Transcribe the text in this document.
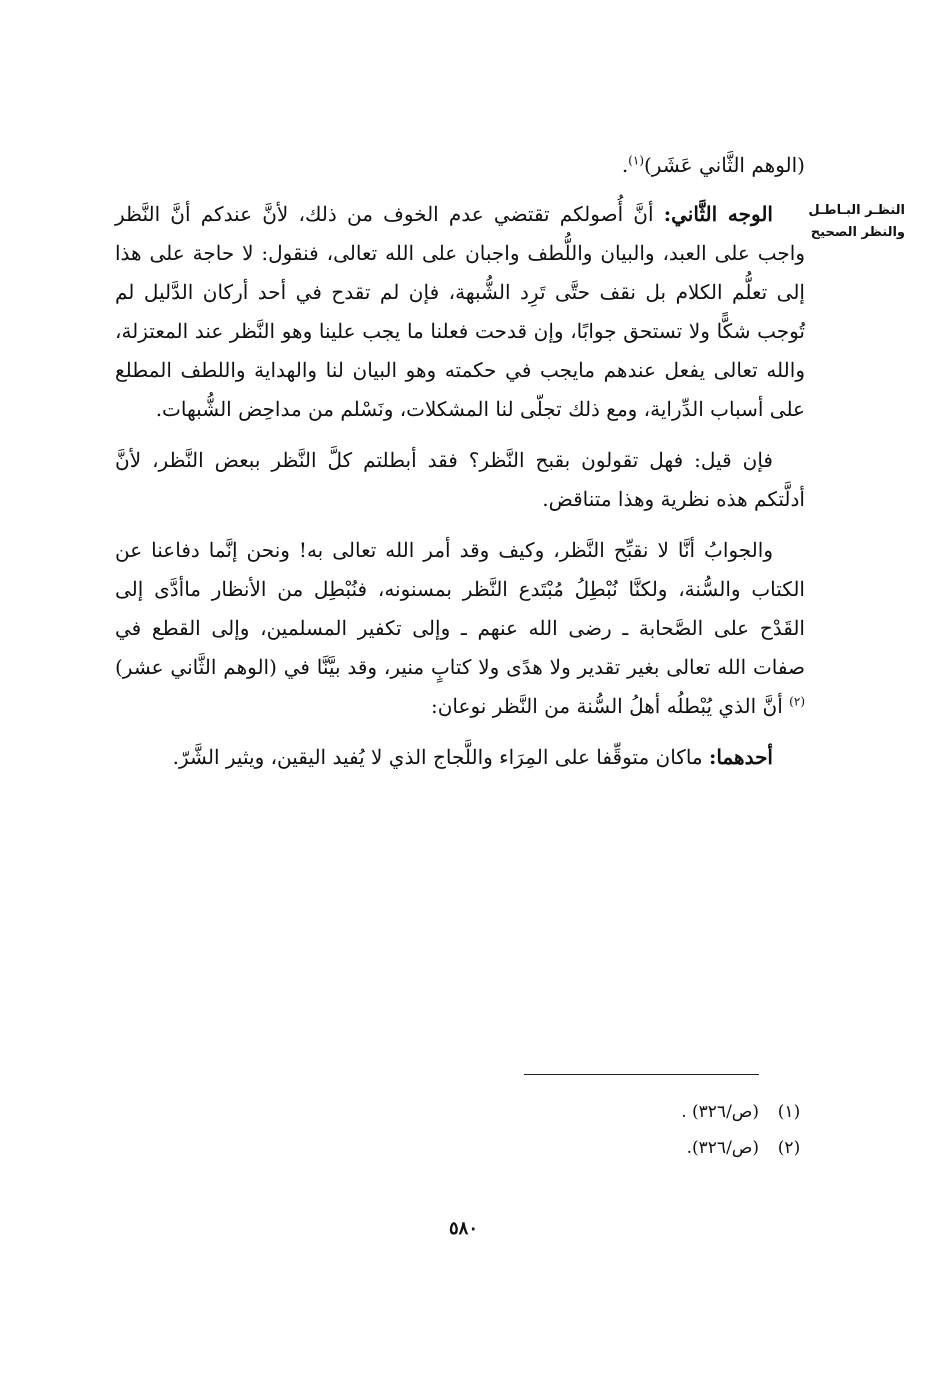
النظـر البـاطـل
والنظر الصحيح

(الوهم الثَّاني عَشَر)$^{(١)}$.

الوجه الثَّاني: أنَّ أُصولكم تقتضي عدم الخوف من ذلك، لأنَّ عندكم أنَّ النَّظر واجب على العبد، والبيان واللُّطف واجبان على الله تعالى، فنقول: لا حاجة على هذا إلى تعلُّم الكلام بل نقف حتَّى تَرِد الشُّبهة، فإن لم تقدح في أحد أركان الدَّليل لم تُوجب شكًّا ولا تستحق جوابًا، وإن قدحت فعلنا ما يجب علينا وهو النَّظر عند المعتزلة، والله تعالى يفعل عندهم مايجب في حكمته وهو البيان لنا والهداية واللطف المطلع على أسباب الدِّراية، ومع ذلك تجلّى لنا المشكلات، ونَسْلم من مداحِض الشُّبهات.

فإن قيل: فهل تقولون بقبح النَّظر؟ فقد أبطلتم كلَّ النَّظر ببعض النَّظر، لأنَّ أدلَّتكم هذه نظرية وهذا متناقض.

والجوابُ أنَّا لا نقبِّح النَّظر، وكيف وقد أمر الله تعالى به! ونحن إنَّما دفاعنا عن الكتاب والسُّنة، ولكنَّا نُبْطِلُ مُبْتَدع النَّظر بمسنونه، فنُبْطِل من الأنظار ماأدَّى إلى القَدْح على الصَّحابة ـ رضى الله عنهم ـ وإلى تكفير المسلمين، وإلى القطع في صفات الله تعالى بغير تقدير ولا هدًى ولا كتابٍ منير، وقد بيَّنَّا في (الوهم الثَّاني عشر)$^{(٢)}$ أنَّ الذي يُبْطلُه أهلُ السُّنة من النَّظر نوعان:

أحدهما: ماكان متوقِّفا على المِرَاء واللَّجاج الذي لا يُفيد اليقين، ويثير الشَّرّ.

(١)
(ص/٣٢٦) .
(٢)
(ص/٣٢٦).
٥٨٠
